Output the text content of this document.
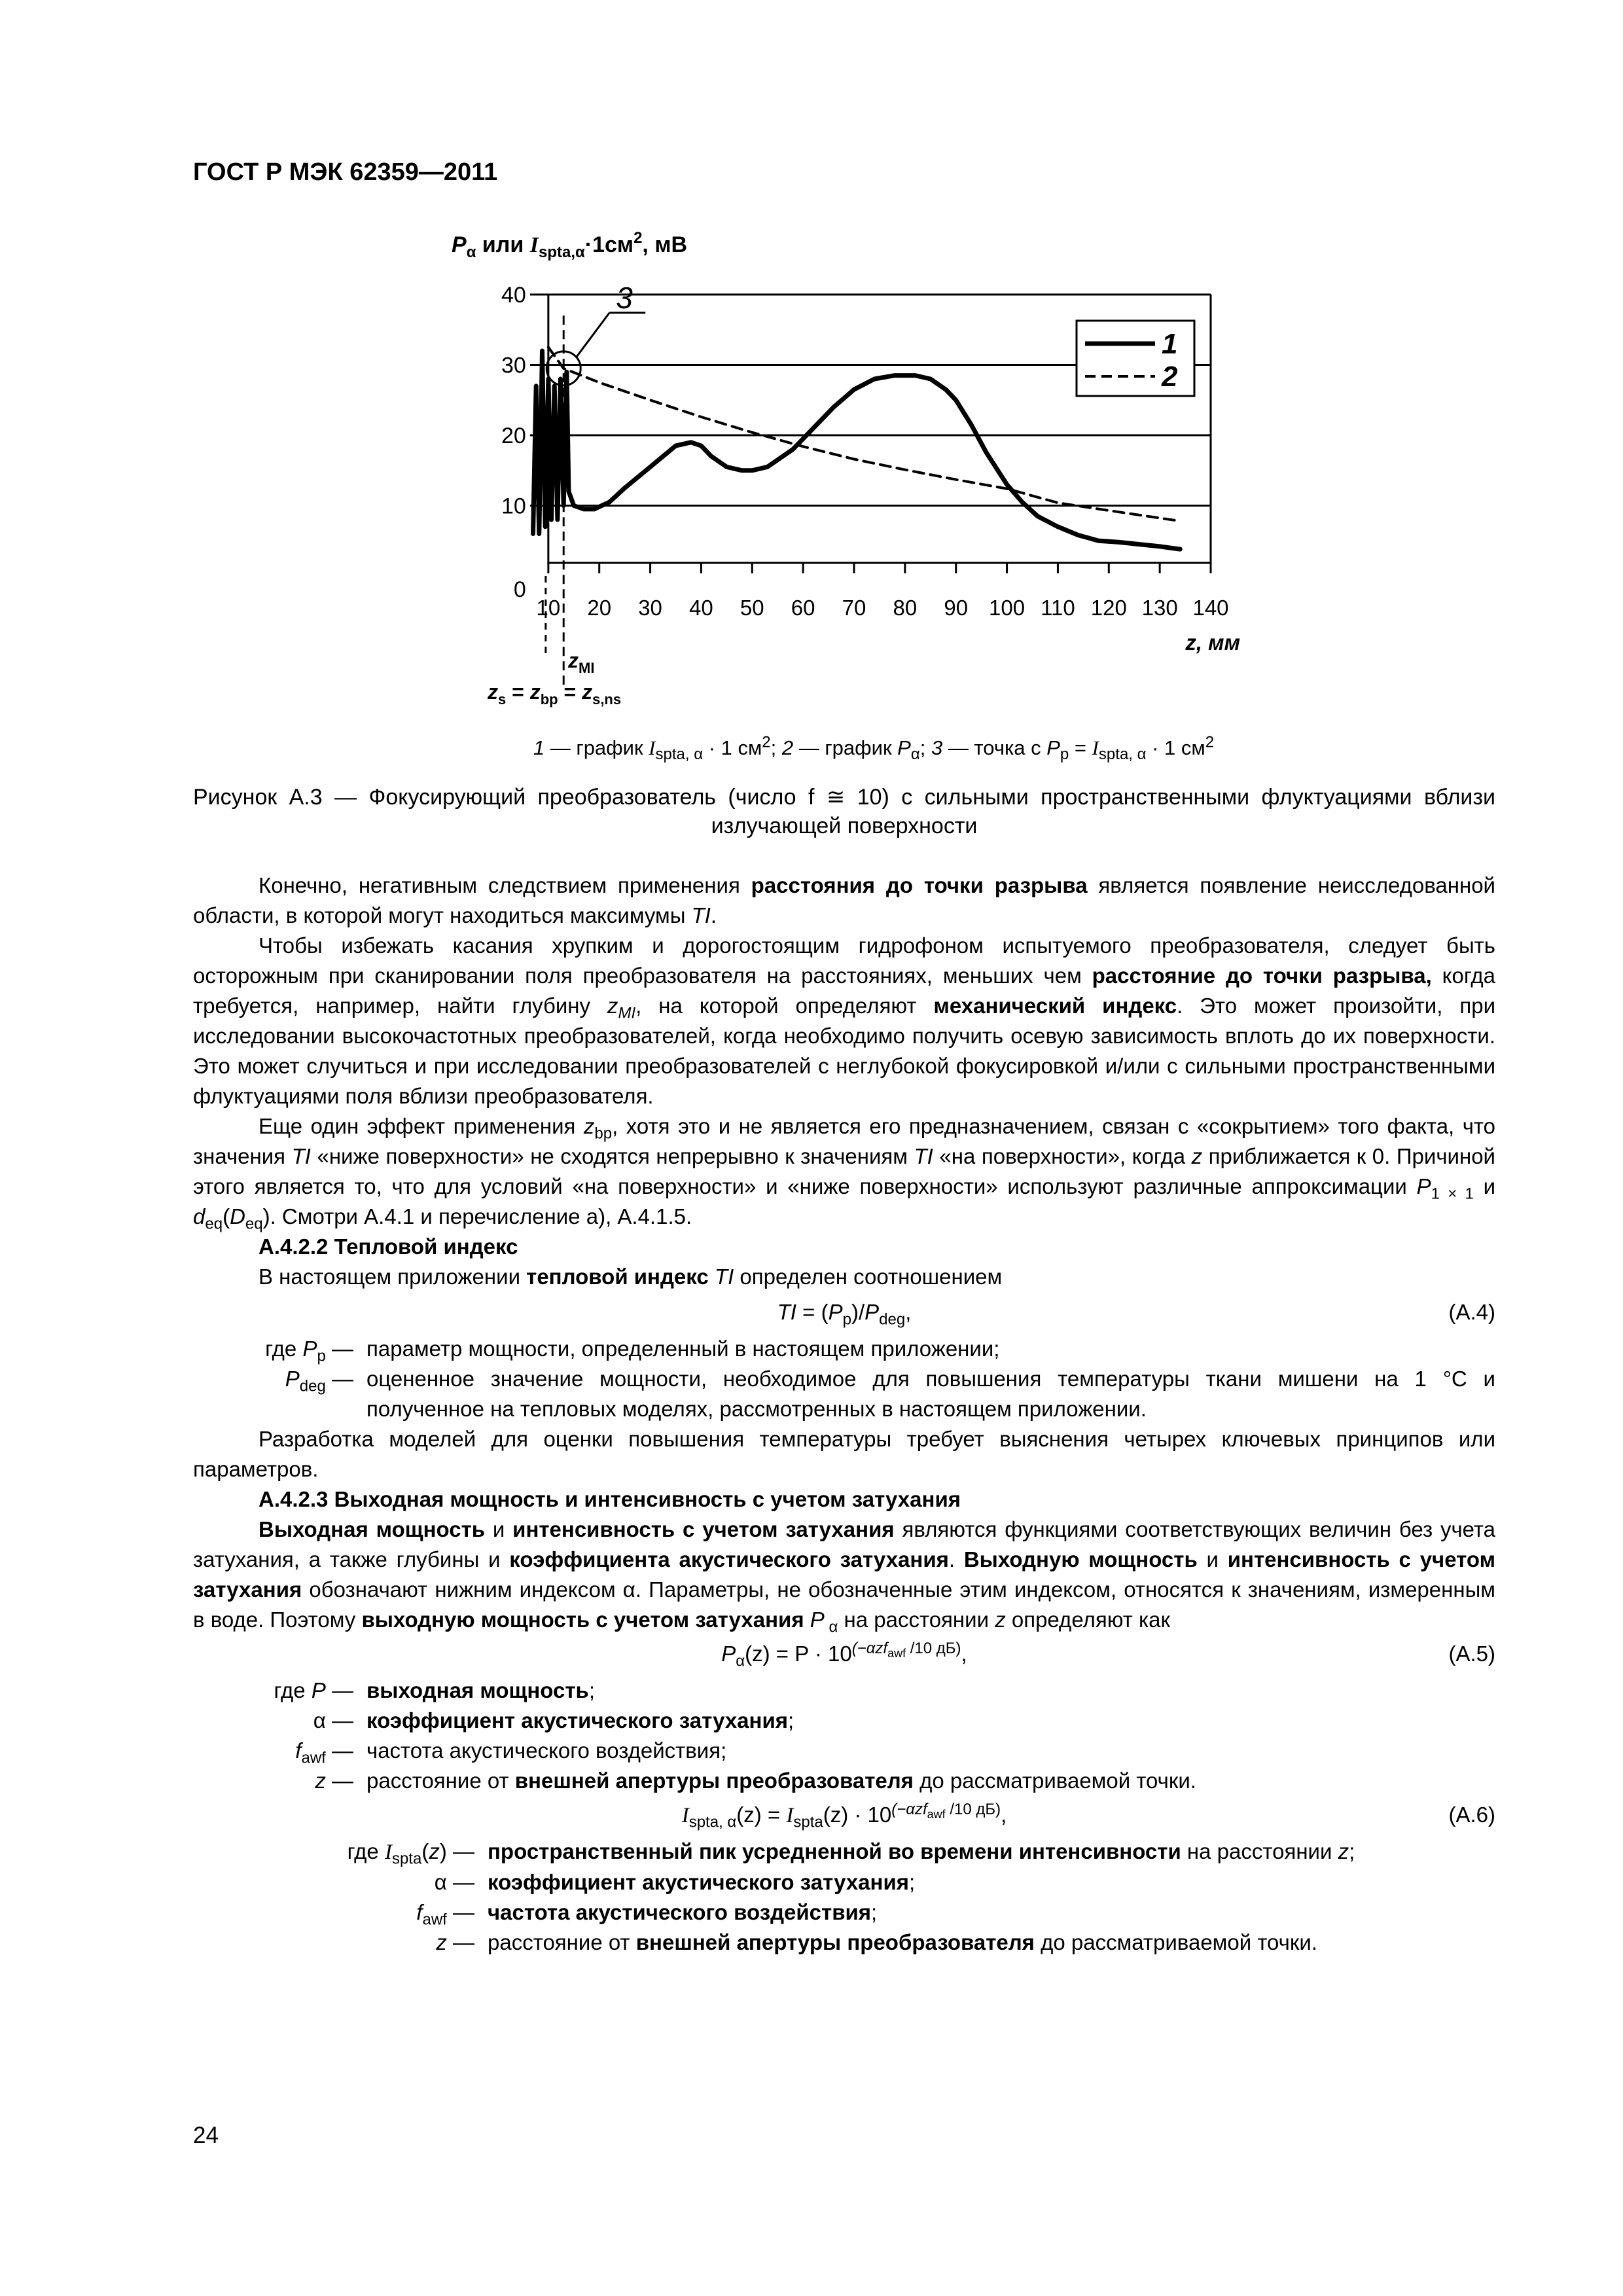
ГОСТ Р МЭК 62359—2011
0
10
20
30
40
10 20 30 40 50 60 70 80 90 100 110 120 130 140
$P_\alpha$ или $I_{spta,\alpha}\cdot 1см^2$, мВ
z, мм
3
1
2
$z_{MI}$
$z_s = z_{bp} = z_{s,ns}$
1 — график $I_{spta, \alpha} \cdot 1$ $см^2$; 2 — график $P_\alpha$; 3 — точка с $P_p = I_{spta, \alpha} \cdot 1$ $см^2$
Рисунок А.3 — Фокусирующий преобразователь (число f ≅ 10) с сильными пространственными флуктуациями вблизи излучающей поверхности

Конечно, негативным следствием применения расстояния до точки разрыва является появление неисследованной области, в которой могут находиться максимумы TI.

Чтобы избежать касания хрупким и дорогостоящим гидрофоном испытуемого преобразователя, следует быть осторожным при сканировании поля преобразователя на расстояниях, меньших чем расстояние до точки разрыва, когда требуется, например, найти глубину $z_{MI}$, на которой определяют механический индекс. Это может произойти, при исследовании высокочастотных преобразователей, когда необходимо получить осевую зависимость вплоть до их поверхности. Это может случиться и при исследовании преобразователей с неглубокой фокусировкой и/или с сильными пространственными флуктуациями поля вблизи преобразователя.

Еще один эффект применения $z_{bp}$, хотя это и не является его предназначением, связан с «сокрытием» того факта, что значения TI «ниже поверхности» не сходятся непрерывно к значениям TI «на поверхности», когда z приближается к 0. Причиной этого является то, что для условий «на поверхности» и «ниже поверхности» используют различные аппроксимации $P_{1 \times 1}$ и $d_{eq}(D_{eq})$. Смотри А.4.1 и перечисление а), А.4.1.5.

А.4.2.2 Тепловой индекс

В настоящем приложении тепловой индекс TI определен соотношением

TI = $(P_p)/P_{deg}$,	(А.4)
где $P_p$ — параметр мощности, определенный в настоящем приложении;
$P_{deg}$ — оцененное значение мощности, необходимое для повышения температуры ткани мишени на 1 °С и полученное на тепловых моделях, рассмотренных в настоящем приложении.

Разработка моделей для оценки повышения температуры требует выяснения четырех ключевых принципов или параметров.

А.4.2.3 Выходная мощность и интенсивность с учетом затухания

Выходная мощность и интенсивность с учетом затухания являются функциями соответствующих величин без учета затухания, а также глубины и коэффициента акустического затухания. Выходную мощность и интенсивность с учетом затухания обозначают нижним индексом α. Параметры, не обозначенные этим индексом, относятся к значениям, измеренным в воде. Поэтому выходную мощность с учетом затухания P $_\alpha$ на расстоянии z определяют как

$P_\alpha(z) = P \cdot 10^{(-\alpha zf_{awf} /10 дБ)}$,	(А.5)
где P — выходная мощность;
α — коэффициент акустического затухания;
$f_{awf}$ — частота акустического воздействия;
z — расстояние от внешней апертуры преобразователя до рассматриваемой точки.
$I_{spta, \alpha}(z) = I_{spta}(z) \cdot 10^{(-\alpha zf_{awf} /10 дБ)}$,	(А.6)
где $I_{spta}(z)$ — пространственный пик усредненной во времени интенсивности на расстоянии z;
α — коэффициент акустического затухания;
$f_{awf}$ — частота акустического воздействия;
z — расстояние от внешней апертуры преобразователя до рассматриваемой точки.
24
